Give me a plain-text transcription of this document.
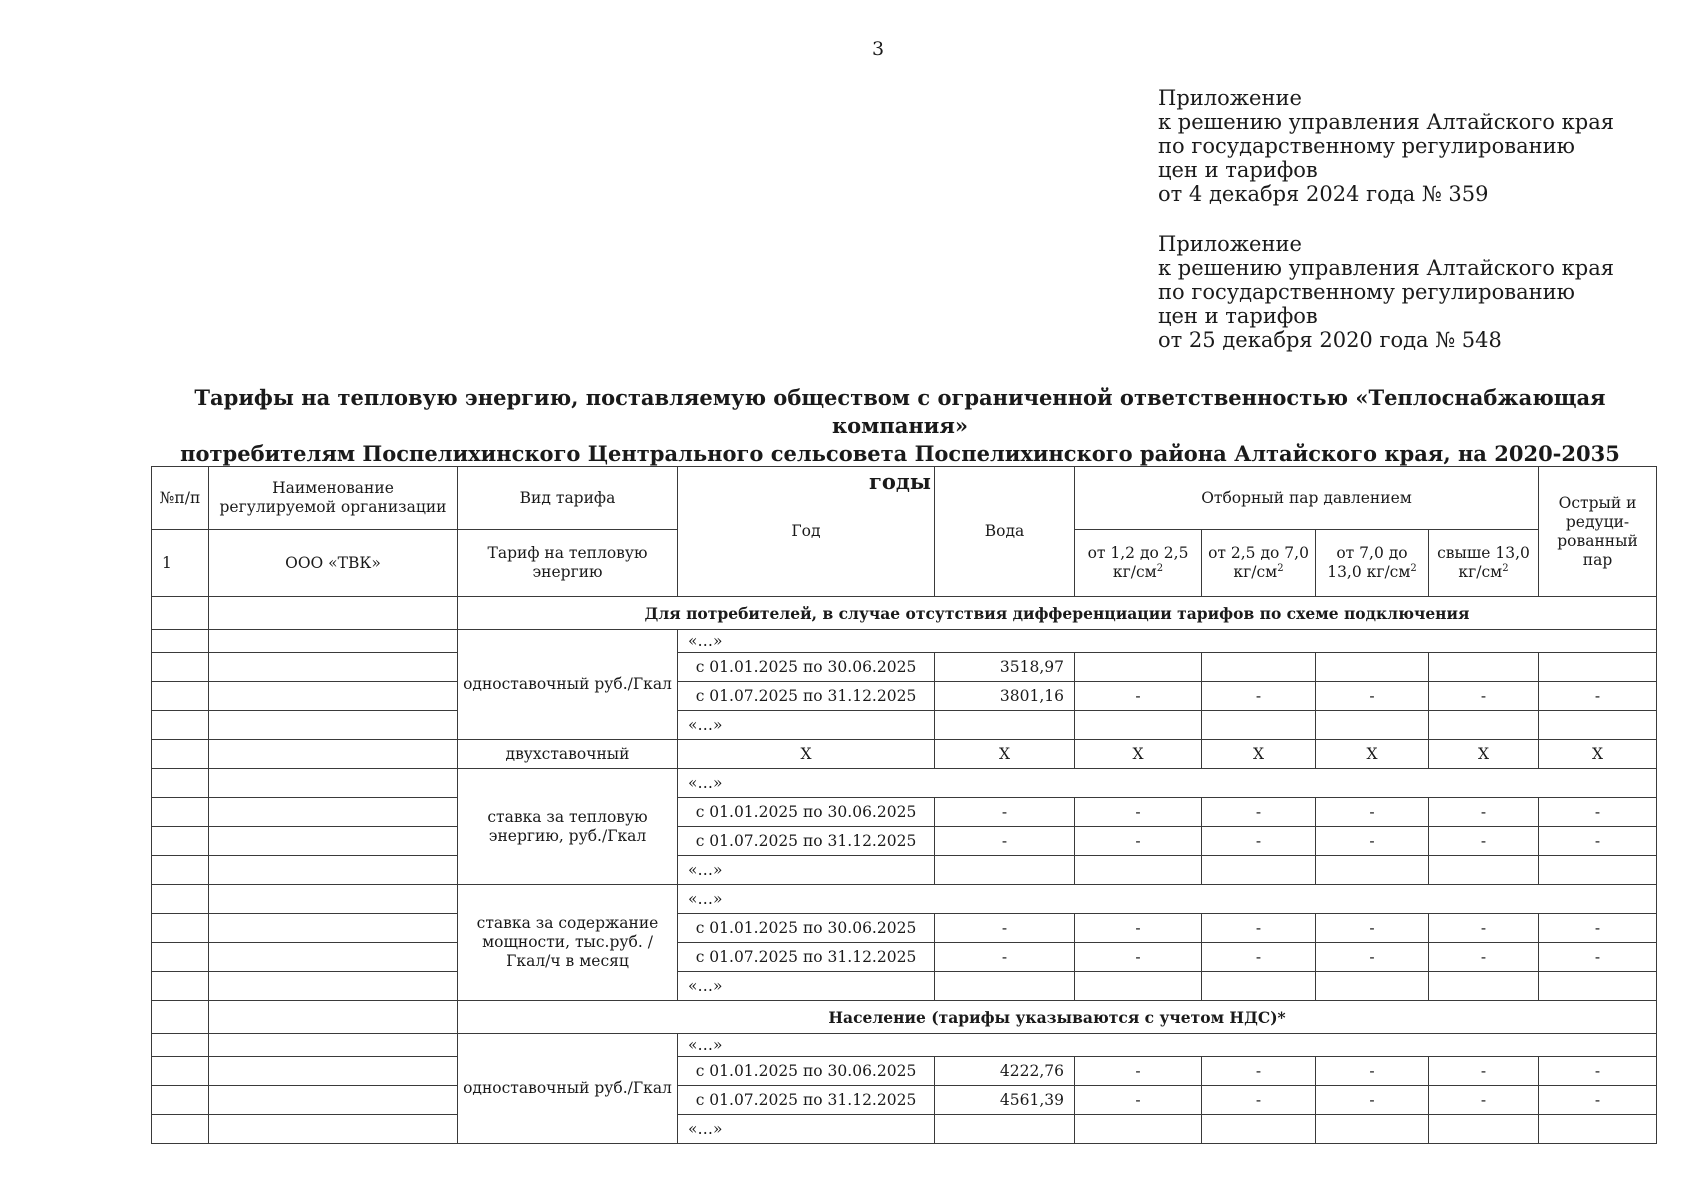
3
Приложение
к решению управления Алтайского края
по государственному регулированию
цен и тарифов
от 4 декабря 2024 года № 359
Приложение
к решению управления Алтайского края
по государственному регулированию
цен и тарифов
от 25 декабря 2020 года № 548
Тарифы на тепловую энергию, поставляемую обществом с ограниченной ответственностью «Теплоснабжающая компания»
потребителям Поспелихинского Центрального сельсовета Поспелихинского района Алтайского края, на 2020-2035 годы
№п/п	Наименование регулируемой организации	Вид тарифа	Год	Вода	Отборный пар давлением				Острый и редуци-рованный пар
1	ООО «ТВК»	Тариф на тепловую энергию			от 1,2 до 2,5 $кг/см^2$	от 2,5 до 7,0 $кг/см^2$	от 7,0 до 13,0 $кг/см^2$	свыше 13,0 $кг/см^2$
		Для потребителей, в случае отсутствия дифференциации тарифов по схеме подключения							
		одноставочный руб./Гкал	«…»						
			с 01.01.2025 по 30.06.2025	3518,97					
			с 01.07.2025 по 31.12.2025	3801,16	-	-	-	-	-
			«…»						
		двухставочный	Х	Х	Х	Х	Х	Х	Х
		ставка за тепловую энергию, руб./Гкал	«…»						
			с 01.01.2025 по 30.06.2025	-	-	-	-	-	-
			с 01.07.2025 по 31.12.2025	-	-	-	-	-	-
			«…»						
		ставка за содержание мощности, тыс.руб. /Гкал/ч в месяц	«…»						
			с 01.01.2025 по 30.06.2025	-	-	-	-	-	-
			с 01.07.2025 по 31.12.2025	-	-	-	-	-	-
			«…»						
		Население (тарифы указываются с учетом НДС)*							
		одноставочный руб./Гкал	«…»						
			с 01.01.2025 по 30.06.2025	4222,76	-	-	-	-	-
			с 01.07.2025 по 31.12.2025	4561,39	-	-	-	-	-
			«…»						
